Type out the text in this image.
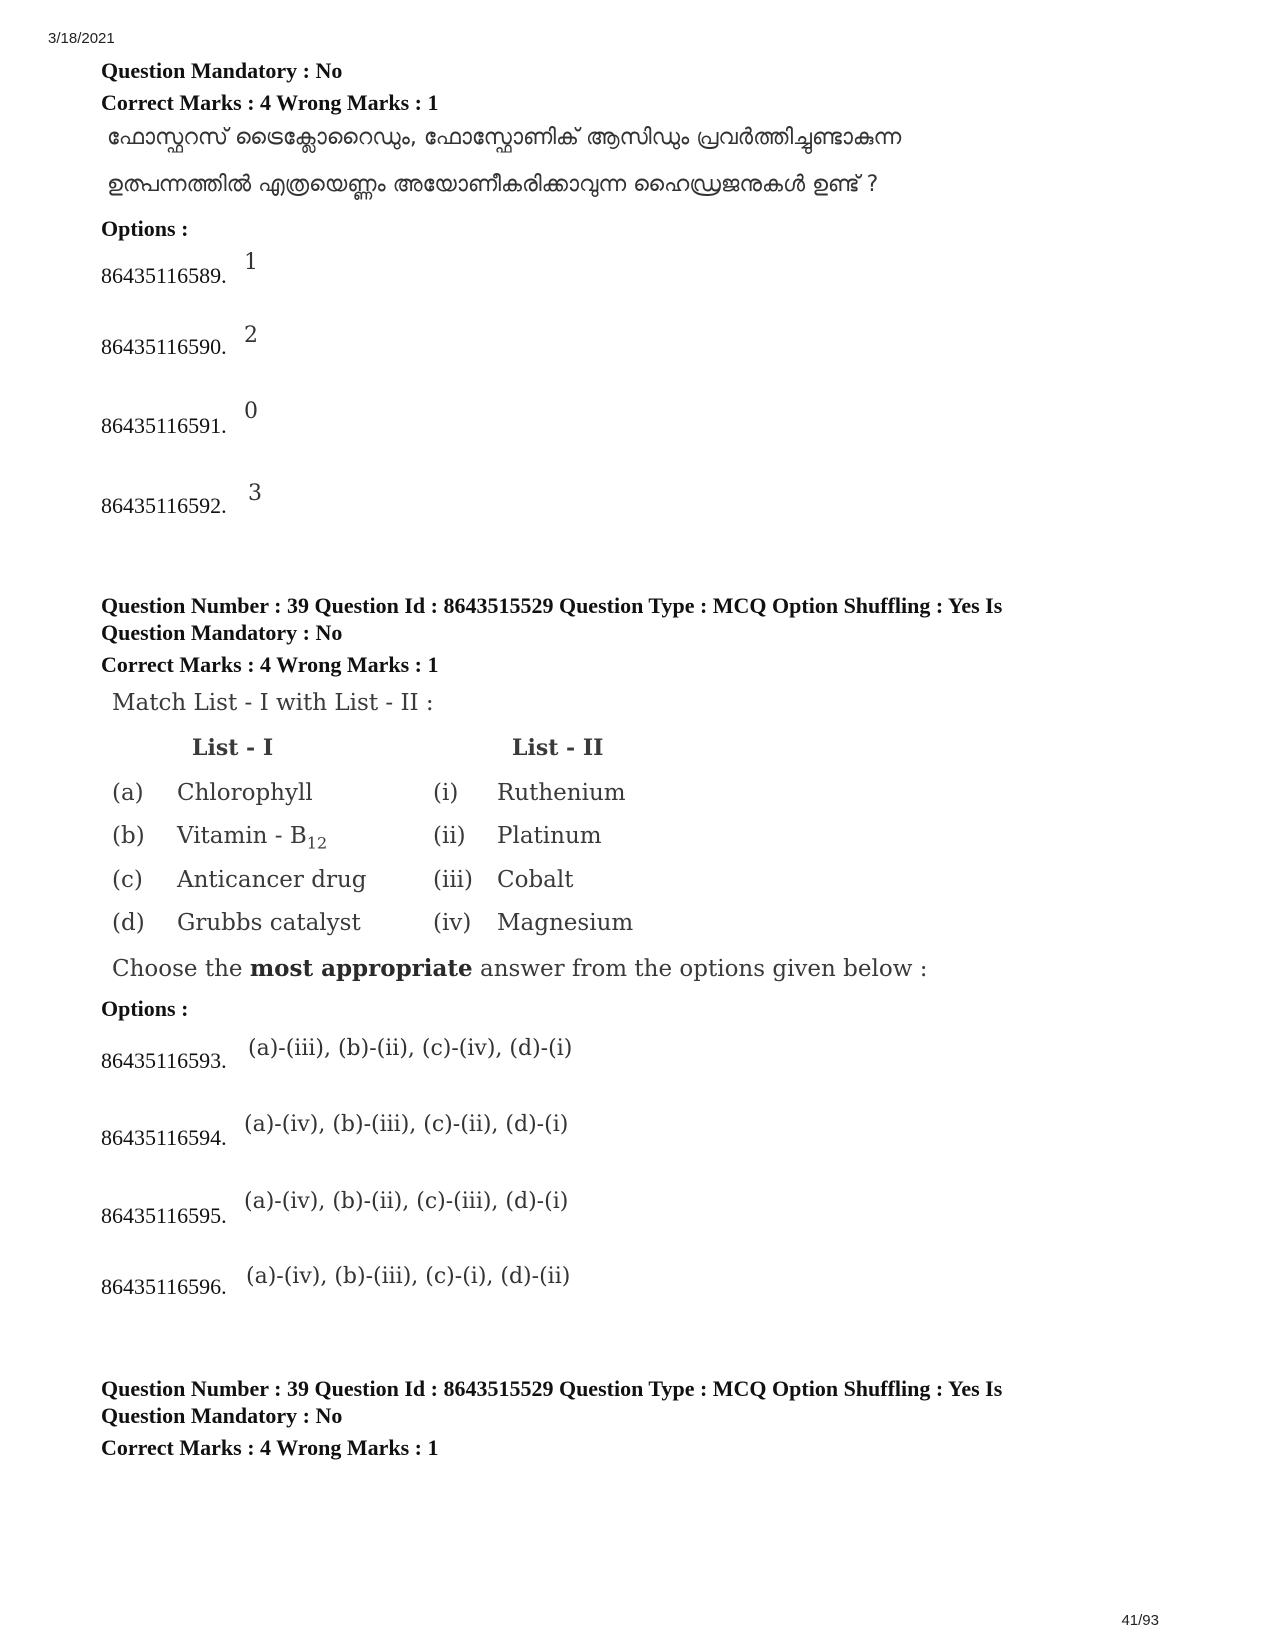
3/18/2021
Question Mandatory : No
Correct Marks : 4 Wrong Marks : 1
ഫോസ്ഫറസ് ട്രൈക്ലോറൈഡും, ഫോസ്ഫോണിക് ആസിഡും പ്രവർത്തിച്ചുണ്ടാകുന്ന
ഉത്പന്നത്തിൽ എത്രയെണ്ണം അയോണീകരിക്കാവുന്ന ഹൈഡ്രജനുകൾ ഉണ്ട് ?
Options :
86435116589.
1
86435116590. 2
86435116591.
0
86435116592. 3
Question Number : 39 Question Id : 8643515529 Question Type : MCQ Option Shuffling : Yes Is
Question Mandatory : No
Correct Marks : 4 Wrong Marks : 1
Match List - I with List - II :
List - I	List - II
(a) Chlorophyll	(i) Ruthenium
(b) Vitamin - $B_{12}$	(ii) Platinum
(c) Anticancer drug	(iii) Cobalt
(d) Grubbs catalyst	(iv) Magnesium
Choose the most appropriate answer from the options given below :
Options :
86435116593. (a)-(iii), (b)-(ii), (c)-(iv), (d)-(i)
86435116594.
(a)-(iv), (b)-(iii), (c)-(ii), (d)-(i)
86435116595.
(a)-(iv), (b)-(ii), (c)-(iii), (d)-(i)
86435116596. (a)-(iv), (b)-(iii), (c)-(i), (d)-(ii)
Question Number : 39 Question Id : 8643515529 Question Type : MCQ Option Shuffling : Yes Is
Question Mandatory : No
Correct Marks : 4 Wrong Marks : 1
41/93
